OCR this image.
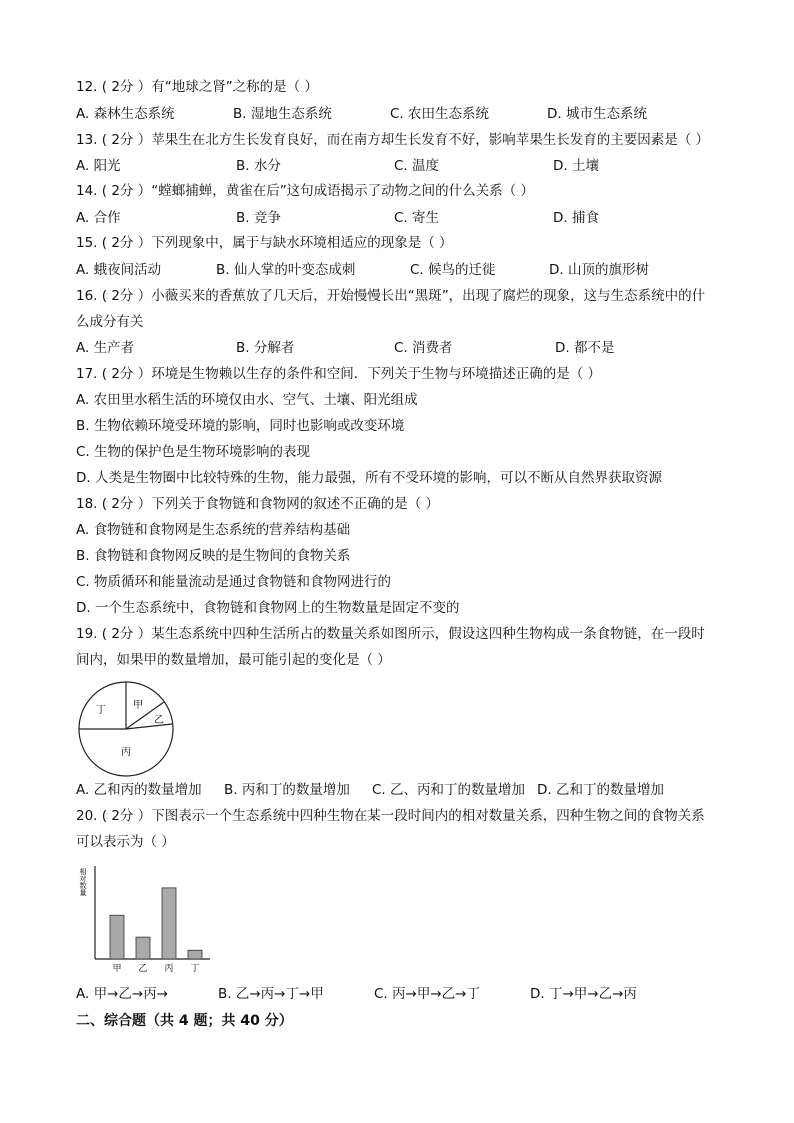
12. ( 2分 ）有“地球之肾”之称的是（ ）
A. 森林生态系统	B. 湿地生态系统	C. 农田生态系统	D. 城市生态系统
13. ( 2分 ）苹果生在北方生长发育良好，而在南方却生长发育不好，影响苹果生长发育的主要因素是（ ）
A. 阳光	B. 水分	C. 温度	D. 土壤
14. ( 2分 ）“螳螂捕蝉，黄雀在后”这句成语揭示了动物之间的什么关系（ ）
A. 合作	B. 竞争	C. 寄生	D. 捕食
15. ( 2分 ）下列现象中，属于与缺水环境相适应的现象是（ ）
A. 蛾夜间活动	B. 仙人掌的叶变态成刺	C. 候鸟的迁徙	D. 山顶的旗形树
16. ( 2分 ）小薇买来的香蕉放了几天后，开始慢慢长出“黑斑”，出现了腐烂的现象，这与生态系统中的什
么成分有关
A. 生产者	B. 分解者	C. 消费者	D. 都不是
17. ( 2分 ）环境是生物赖以生存的条件和空间．下列关于生物与环境描述正确的是（ ）
A. 农田里水稻生活的环境仅由水、空气、土壤、阳光组成
B. 生物依赖环境受环境的影响，同时也影响或改变环境
C. 生物的保护色是生物环境影响的表现
D. 人类是生物圈中比较特殊的生物，能力最强，所有不受环境的影响，可以不断从自然界获取资源
18. ( 2分 ）下列关于食物链和食物网的叙述不正确的是（ ）
A. 食物链和食物网是生态系统的营养结构基础
B. 食物链和食物网反映的是生物间的食物关系
C. 物质循环和能量流动是通过食物链和食物网进行的
D. 一个生态系统中，食物链和食物网上的生物数量是固定不变的
19. ( 2分 ）某生态系统中四种生活所占的数量关系如图所示，假设这四种生物构成一条食物链，在一段时
间内，如果甲的数量增加，最可能引起的变化是（ ）
丁	甲
乙
丙
A. 乙和丙的数量增加 B. 丙和丁的数量增加 C. 乙、丙和丁的数量增加 D. 乙和丁的数量增加
20. ( 2分 ）下图表示一个生态系统中四种生物在某一段时间内的相对数量关系，四种生物之间的食物关系
可以表示为（ ）
相对数量
甲 乙 丙 丁
A. 甲→乙→丙→	B. 乙→丙→丁→甲	C. 丙→甲→乙→丁	D. 丁→甲→乙→丙
二、综合题（共 4 题；共 40 分）
